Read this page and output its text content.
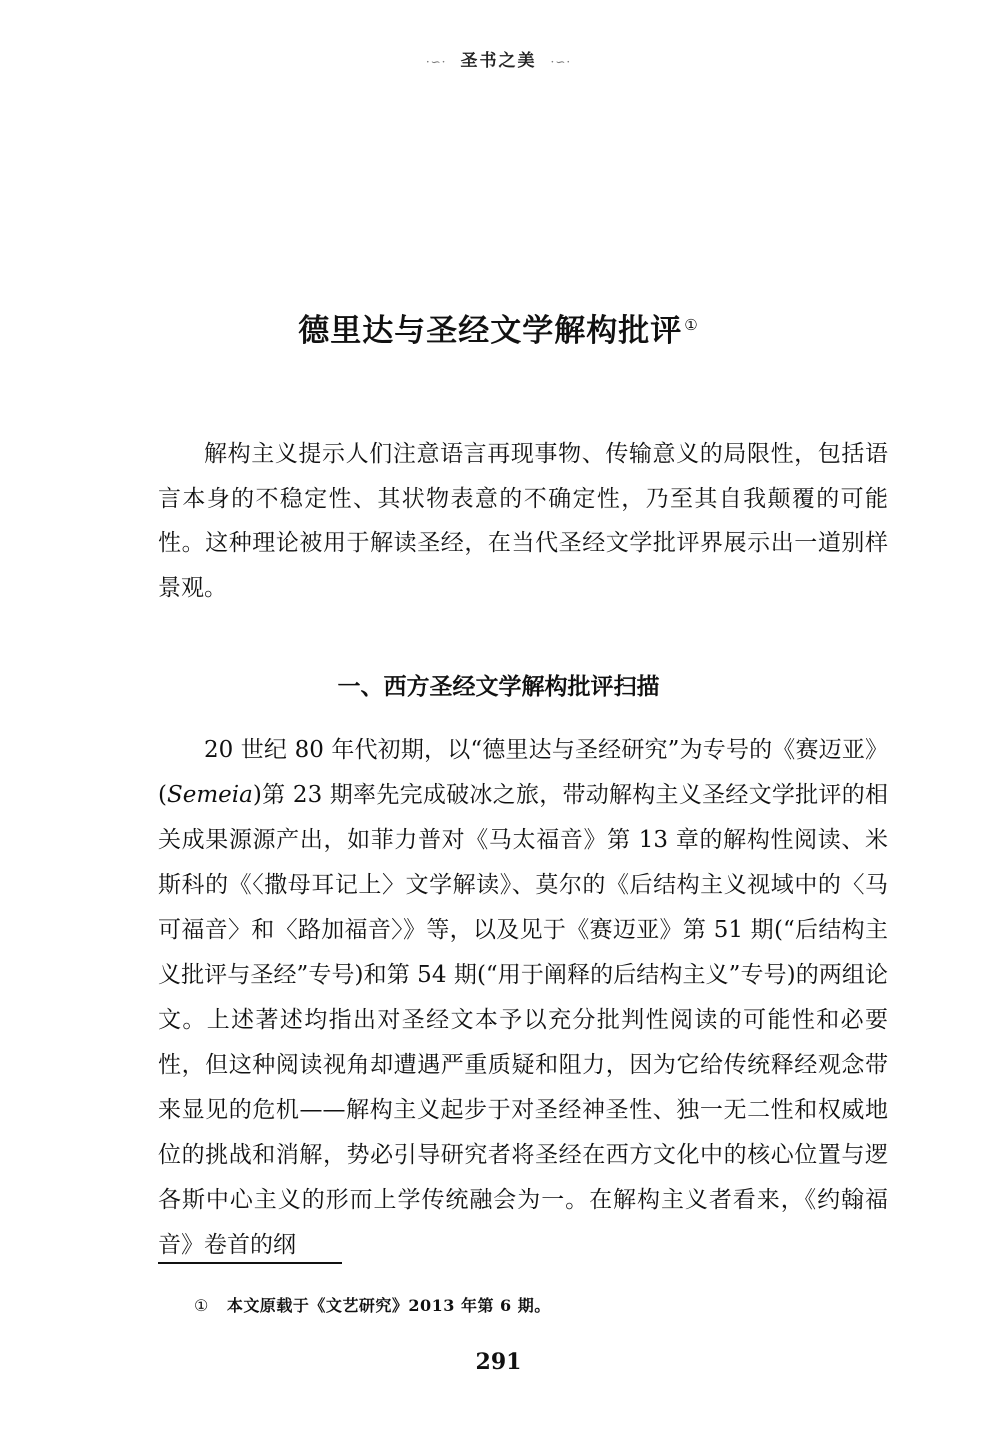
·∽· 圣书之美 ·∽·
德里达与圣经文学解构批评 ①

解构主义提示人们注意语言再现事物、传输意义的局限性，包括语言本身的不稳定性、其状物表意的不确定性，乃至其自我颠覆的可能性。这种理论被用于解读圣经，在当代圣经文学批评界展示出一道别样景观。

一、西方圣经文学解构批评扫描

20 世纪 80 年代初期，以“德里达与圣经研究”为专号的《赛迈亚》(Semeia)第 23 期率先完成破冰之旅，带动解构主义圣经文学批评的相关成果源源产出，如菲力普对《马太福音》第 13 章的解构性阅读、米斯科的《〈撒母耳记上〉文学解读》、莫尔的《后结构主义视域中的〈马可福音〉和〈路加福音〉》等，以及见于《赛迈亚》第 51 期(“后结构主义批评与圣经”专号)和第 54 期(“用于阐释的后结构主义”专号)的两组论文。上述著述均指出对圣经文本予以充分批判性阅读的可能性和必要性，但这种阅读视角却遭遇严重质疑和阻力，因为它给传统释经观念带来显见的危机——解构主义起步于对圣经神圣性、独一无二性和权威地位的挑战和消解，势必引导研究者将圣经在西方文化中的核心位置与逻各斯中心主义的形而上学传统融会为一。在解构主义者看来，《约翰福音》卷首的纲

① 本文原载于《文艺研究》2013 年第 6 期。
291
